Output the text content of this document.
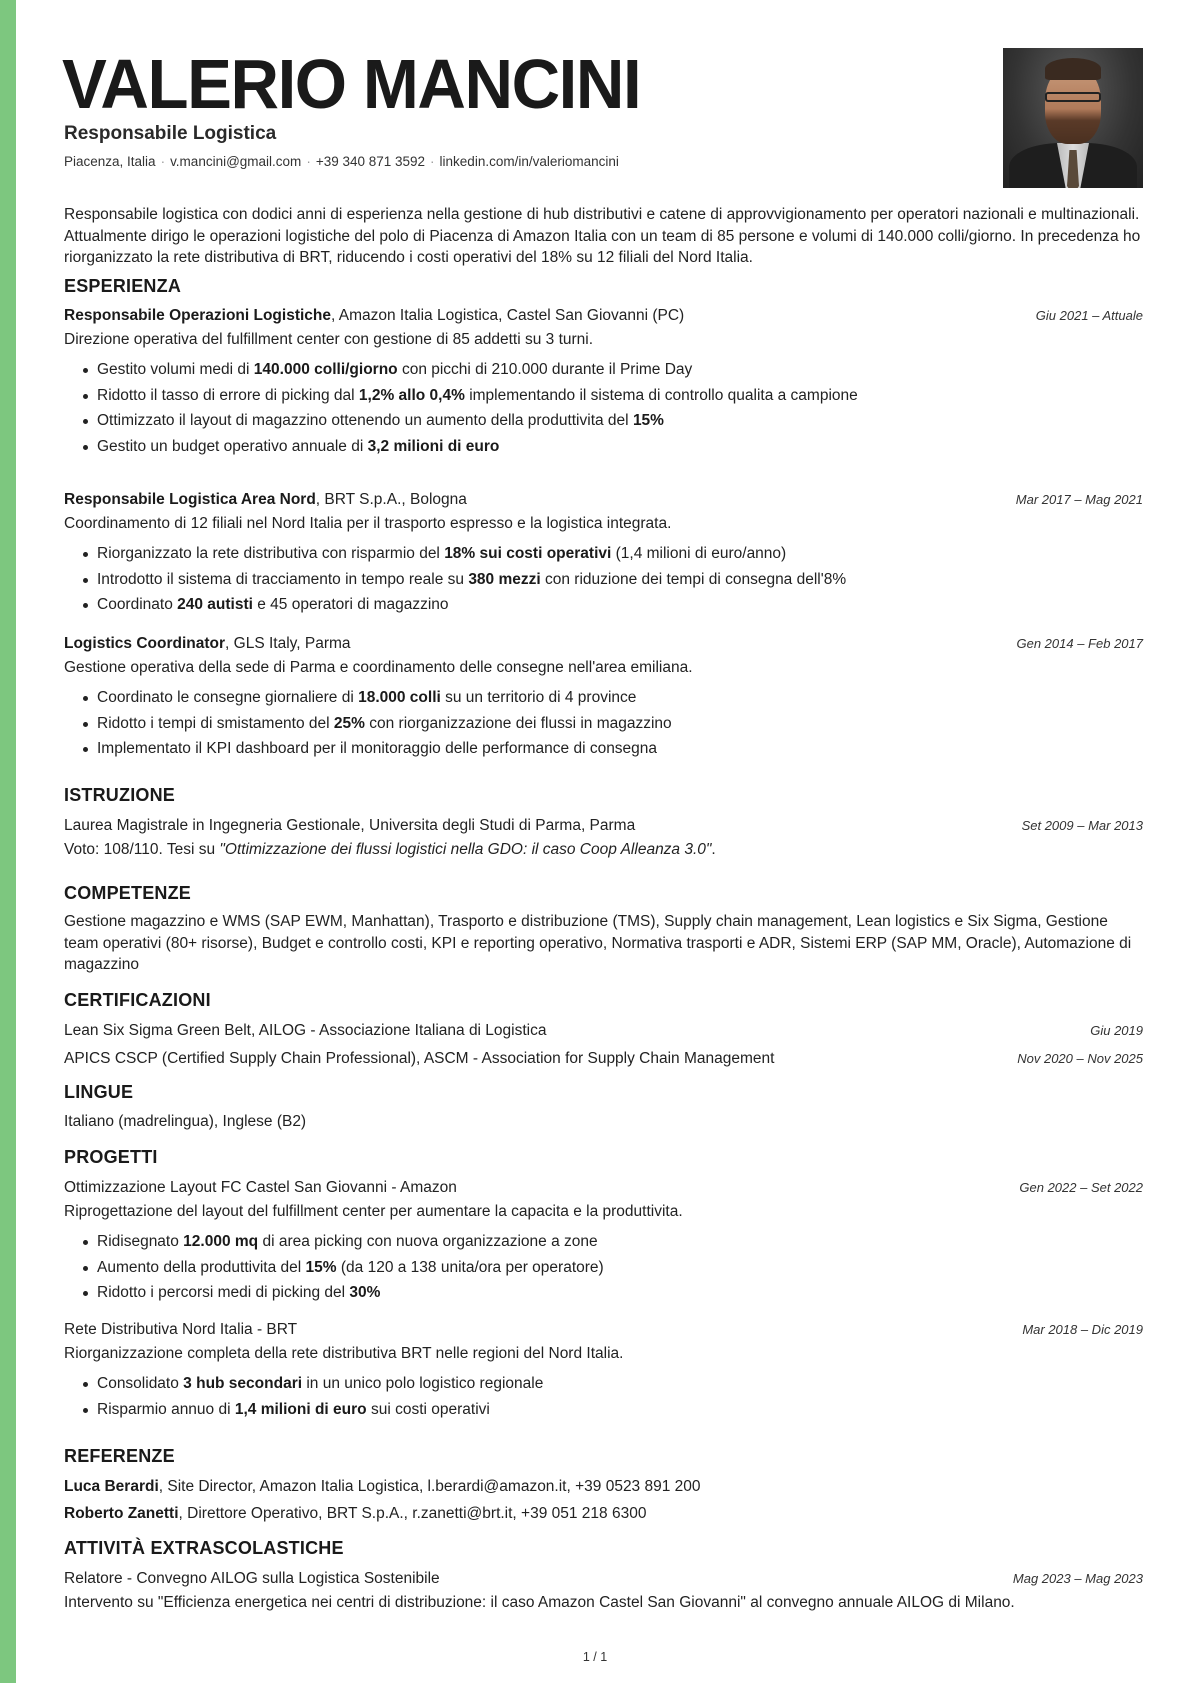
VALERIO MANCINI
Responsabile Logistica
Piacenza, Italia · v.mancini@gmail.com · +39 340 871 3592 · linkedin.com/in/valeriomancini
Responsabile logistica con dodici anni di esperienza nella gestione di hub distributivi e catene di approvvigionamento per operatori nazionali e multinazionali. Attualmente dirigo le operazioni logistiche del polo di Piacenza di Amazon Italia con un team di 85 persone e volumi di 140.000 colli/giorno. In precedenza ho riorganizzato la rete distributiva di BRT, riducendo i costi operativi del 18% su 12 filiali del Nord Italia.
ESPERIENZA
Responsabile Operazioni Logistiche, Amazon Italia Logistica, Castel San Giovanni (PC)	Giu 2021 – Attuale
Direzione operativa del fulfillment center con gestione di 85 addetti su 3 turni.
Gestito volumi medi di 140.000 colli/giorno con picchi di 210.000 durante il Prime Day
Ridotto il tasso di errore di picking dal 1,2% allo 0,4% implementando il sistema di controllo qualita a campione
Ottimizzato il layout di magazzino ottenendo un aumento della produttivita del 15%
Gestito un budget operativo annuale di 3,2 milioni di euro
Responsabile Logistica Area Nord, BRT S.p.A., Bologna	Mar 2017 – Mag 2021
Coordinamento di 12 filiali nel Nord Italia per il trasporto espresso e la logistica integrata.
Riorganizzato la rete distributiva con risparmio del 18% sui costi operativi (1,4 milioni di euro/anno)
Introdotto il sistema di tracciamento in tempo reale su 380 mezzi con riduzione dei tempi di consegna dell'8%
Coordinato 240 autisti e 45 operatori di magazzino
Logistics Coordinator, GLS Italy, Parma	Gen 2014 – Feb 2017
Gestione operativa della sede di Parma e coordinamento delle consegne nell'area emiliana.
Coordinato le consegne giornaliere di 18.000 colli su un territorio di 4 province
Ridotto i tempi di smistamento del 25% con riorganizzazione dei flussi in magazzino
Implementato il KPI dashboard per il monitoraggio delle performance di consegna
ISTRUZIONE
Laurea Magistrale in Ingegneria Gestionale, Universita degli Studi di Parma, Parma	Set 2009 – Mar 2013
Voto: 108/110. Tesi su "Ottimizzazione dei flussi logistici nella GDO: il caso Coop Alleanza 3.0".
COMPETENZE
Gestione magazzino e WMS (SAP EWM, Manhattan), Trasporto e distribuzione (TMS), Supply chain management, Lean logistics e Six Sigma, Gestione team operativi (80+ risorse), Budget e controllo costi, KPI e reporting operativo, Normativa trasporti e ADR, Sistemi ERP (SAP MM, Oracle), Automazione di magazzino
CERTIFICAZIONI
Lean Six Sigma Green Belt, AILOG - Associazione Italiana di Logistica	Giu 2019
APICS CSCP (Certified Supply Chain Professional), ASCM - Association for Supply Chain Management	Nov 2020 – Nov 2025
LINGUE
Italiano (madrelingua), Inglese (B2)
PROGETTI
Ottimizzazione Layout FC Castel San Giovanni - Amazon	Gen 2022 – Set 2022
Riprogettazione del layout del fulfillment center per aumentare la capacita e la produttivita.
Ridisegnato 12.000 mq di area picking con nuova organizzazione a zone
Aumento della produttivita del 15% (da 120 a 138 unita/ora per operatore)
Ridotto i percorsi medi di picking del 30%
Rete Distributiva Nord Italia - BRT	Mar 2018 – Dic 2019
Riorganizzazione completa della rete distributiva BRT nelle regioni del Nord Italia.
Consolidato 3 hub secondari in un unico polo logistico regionale
Risparmio annuo di 1,4 milioni di euro sui costi operativi
REFERENZE
Luca Berardi, Site Director, Amazon Italia Logistica, l.berardi@amazon.it, +39 0523 891 200
Roberto Zanetti, Direttore Operativo, BRT S.p.A., r.zanetti@brt.it, +39 051 218 6300
ATTIVITÀ EXTRASCOLASTICHE
Relatore - Convegno AILOG sulla Logistica Sostenibile	Mag 2023 – Mag 2023
Intervento su "Efficienza energetica nei centri di distribuzione: il caso Amazon Castel San Giovanni" al convegno annuale AILOG di Milano.
1 / 1
